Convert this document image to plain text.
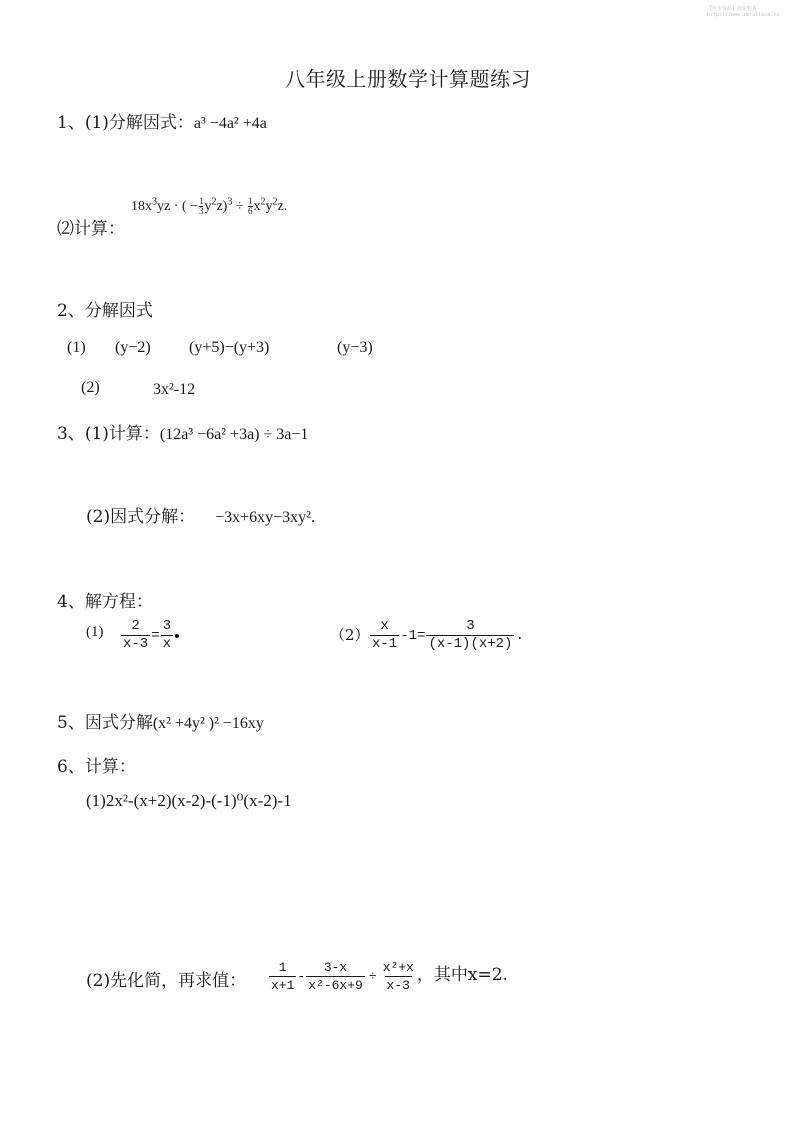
【淘步资源】搜索购售
https://www.zmtaltaoa.xs
八年级上册数学计算题练习
1、(1)分解因式：a³ −4a² +4a
⑵计算：
$18x^3yz$ · ( − $\frac{1}{3} y^2z)^3 \div \frac{1}{6} x^2y^2z$.
2、分解因式
(1) (y−2) (y+5)−(y+3)	(y−3)
(2)	3x²-12
3、(1)计算：(12a³ −6a² +3a) ÷ 3a−1
(2)因式分解： −3x+6xy−3xy².
4、解方程：
$(1) \frac{2}{x-3} = \frac{3}{x}$	$(2) \frac{x}{x-1} -1= \frac{3}{(x-1)(x+2)}$ .
5、因式分解(x² +4y² )² −16xy
6、计算：
(1)2x²-(x+2)(x-2)-(-1)⁰(x-2)-1
(2)先化简，再求值： $\frac{1}{x+1} - \frac{3-x}{\text{x²-6x+9}} \div \frac{\text{x²+x}}{x-3}$ ，其中x=2.
